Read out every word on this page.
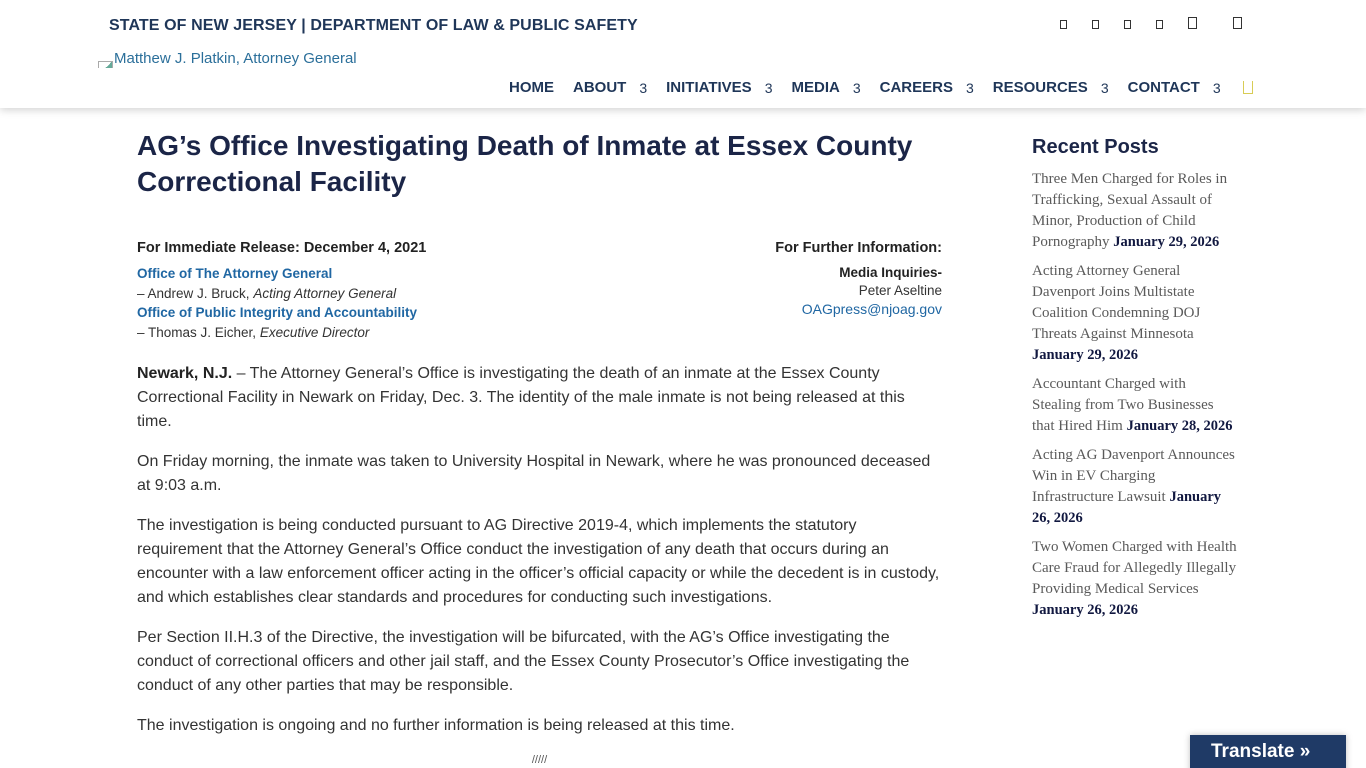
STATE OF NEW JERSEY | DEPARTMENT OF LAW & PUBLIC SAFETY
Matthew J. Platkin, Attorney General
HOME ABOUT 3 INITIATIVES 3 MEDIA 3 CAREERS 3 RESOURCES 3 CONTACT 3
AG’s Office Investigating Death of Inmate at Essex County Correctional Facility
For Immediate Release: December 4, 2021
Office of The Attorney General
– Andrew J. Bruck, Acting Attorney General
Office of Public Integrity and Accountability
– Thomas J. Eicher, Executive Director
For Further Information:
Media Inquiries-
Peter Aseltine
OAGpress@njoag.gov

Newark, N.J. – The Attorney General’s Office is investigating the death of an inmate at the Essex County Correctional Facility in Newark on Friday, Dec. 3. The identity of the male inmate is not being released at this time.

On Friday morning, the inmate was taken to University Hospital in Newark, where he was pronounced deceased at 9:03 a.m.

The investigation is being conducted pursuant to AG Directive 2019-4, which implements the statutory requirement that the Attorney General’s Office conduct the investigation of any death that occurs during an encounter with a law enforcement officer acting in the officer’s official capacity or while the decedent is in custody, and which establishes clear standards and procedures for conducting such investigations.

Per Section II.H.3 of the Directive, the investigation will be bifurcated, with the AG’s Office investigating the conduct of correctional officers and other jail staff, and the Essex County Prosecutor’s Office investigating the conduct of any other parties that may be responsible.

The investigation is ongoing and no further information is being released at this time.

/////
Recent Posts
Three Men Charged for Roles in Trafficking, Sexual Assault of Minor, Production of Child Pornography January 29, 2026
Acting Attorney General Davenport Joins Multistate Coalition Condemning DOJ Threats Against Minnesota January 29, 2026
Accountant Charged with Stealing from Two Businesses that Hired Him January 28, 2026
Acting AG Davenport Announces Win in EV Charging Infrastructure Lawsuit January 26, 2026
Two Women Charged with Health Care Fraud for Allegedly Illegally Providing Medical Services January 26, 2026
Translate »
